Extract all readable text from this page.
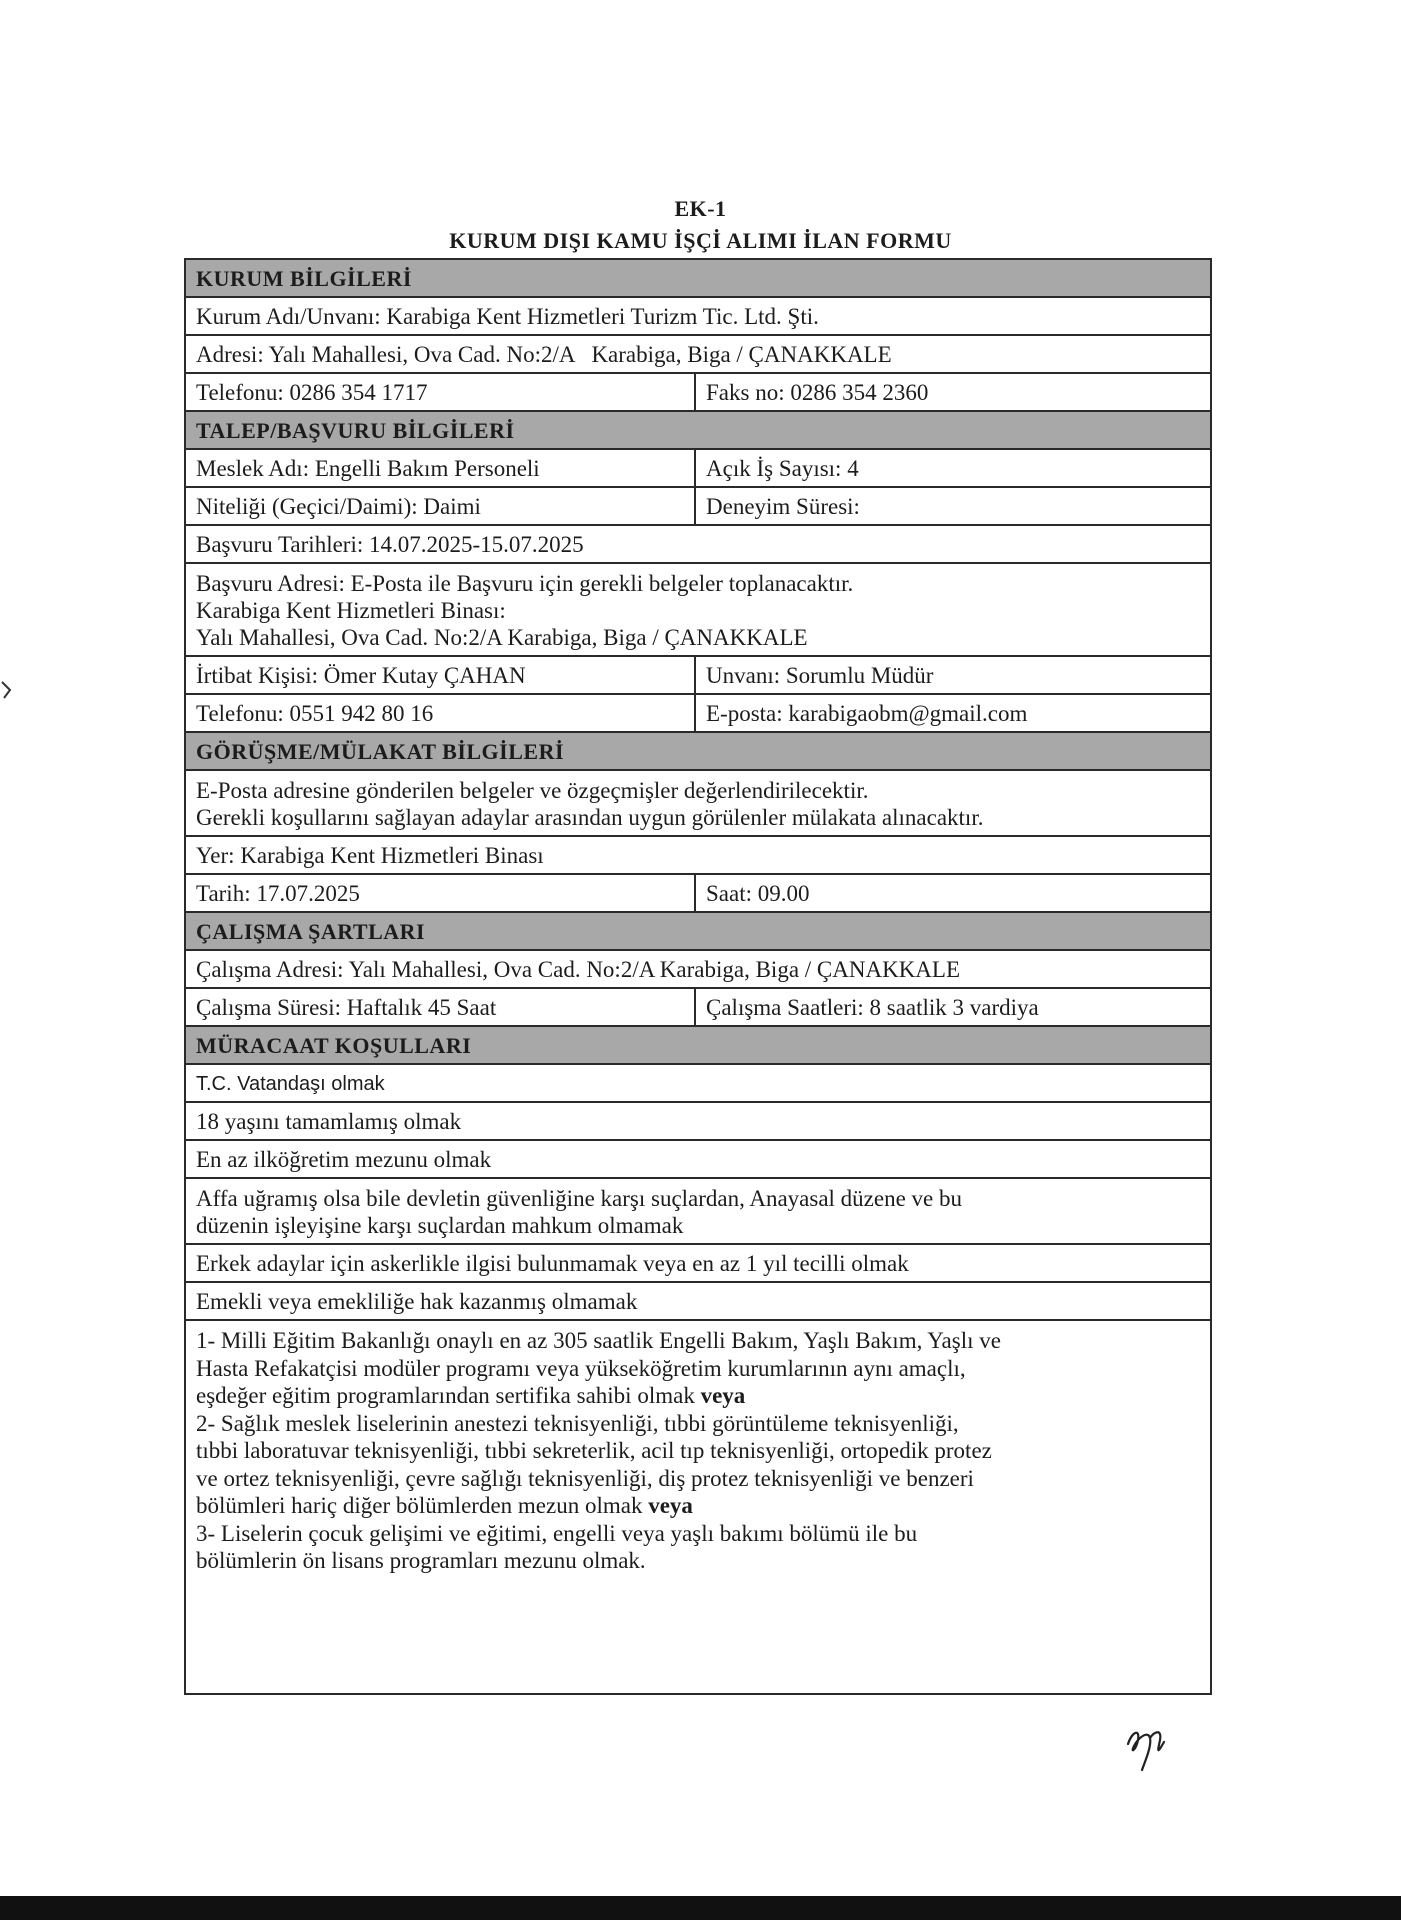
EK-1
KURUM DIŞI KAMU İŞÇİ ALIMI İLAN FORMU
KURUM BİLGİLERİ
Kurum Adı/Unvanı: Karabiga Kent Hizmetleri Turizm Tic. Ltd. Şti.
Adresi: Yalı Mahallesi, Ova Cad. No:2/A   Karabiga, Biga / ÇANAKKALE
Telefonu: 0286 354 1717	Faks no: 0286 354 2360
TALEP/BAŞVURU BİLGİLERİ
Meslek Adı: Engelli Bakım Personeli	Açık İş Sayısı: 4
Niteliği (Geçici/Daimi): Daimi	Deneyim Süresi:
Başvuru Tarihleri: 14.07.2025-15.07.2025
Başvuru Adresi: E-Posta ile Başvuru için gerekli belgeler toplanacaktır.
Karabiga Kent Hizmetleri Binası:
Yalı Mahallesi, Ova Cad. No:2/A Karabiga, Biga / ÇANAKKALE
İrtibat Kişisi: Ömer Kutay ÇAHAN	Unvanı: Sorumlu Müdür
Telefonu: 0551 942 80 16	E-posta: karabigaobm@gmail.com
GÖRÜŞME/MÜLAKAT BİLGİLERİ
E-Posta adresine gönderilen belgeler ve özgeçmişler değerlendirilecektir.
Gerekli koşullarını sağlayan adaylar arasından uygun görülenler mülakata alınacaktır.
Yer: Karabiga Kent Hizmetleri Binası
Tarih: 17.07.2025	Saat: 09.00
ÇALIŞMA ŞARTLARI
Çalışma Adresi: Yalı Mahallesi, Ova Cad. No:2/A Karabiga, Biga / ÇANAKKALE
Çalışma Süresi: Haftalık 45 Saat	Çalışma Saatleri: 8 saatlik 3 vardiya
MÜRACAAT KOŞULLARI
T.C. Vatandaşı olmak
18 yaşını tamamlamış olmak
En az ilköğretim mezunu olmak
Affa uğramış olsa bile devletin güvenliğine karşı suçlardan, Anayasal düzene ve bu
düzenin işleyişine karşı suçlardan mahkum olmamak
Erkek adaylar için askerlikle ilgisi bulunmamak veya en az 1 yıl tecilli olmak
Emekli veya emekliliğe hak kazanmış olmamak
1- Milli Eğitim Bakanlığı onaylı en az 305 saatlik Engelli Bakım, Yaşlı Bakım, Yaşlı ve
Hasta Refakatçisi modüler programı veya yükseköğretim kurumlarının aynı amaçlı,
eşdeğer eğitim programlarından sertifika sahibi olmak veya
2- Sağlık meslek liselerinin anestezi teknisyenliği, tıbbi görüntüleme teknisyenliği,
tıbbi laboratuvar teknisyenliği, tıbbi sekreterlik, acil tıp teknisyenliği, ortopedik protez
ve ortez teknisyenliği, çevre sağlığı teknisyenliği, diş protez teknisyenliği ve benzeri
bölümleri hariç diğer bölümlerden mezun olmak veya
3- Liselerin çocuk gelişimi ve eğitimi, engelli veya yaşlı bakımı bölümü ile bu
bölümlerin ön lisans programları mezunu olmak.
